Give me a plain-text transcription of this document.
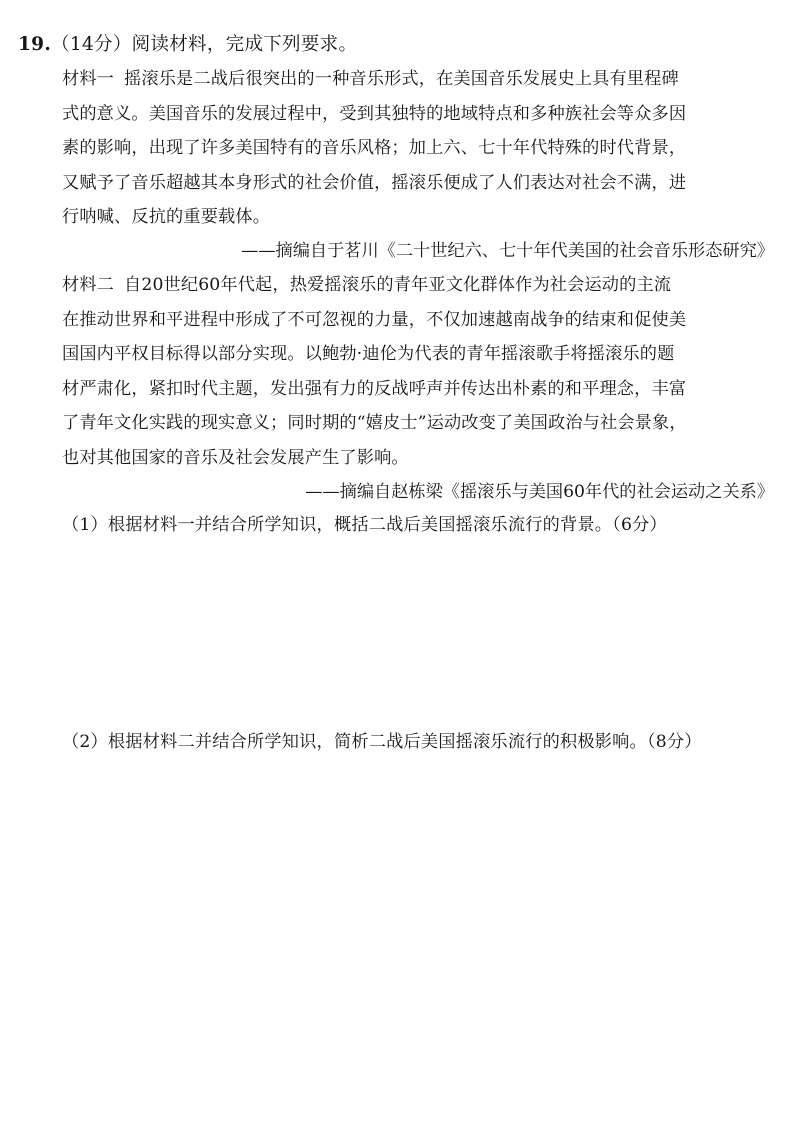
19.（14分）阅读材料，完成下列要求。
材料一 摇滚乐是二战后很突出的一种音乐形式，在美国音乐发展史上具有里程碑
式的意义。美国音乐的发展过程中，受到其独特的地域特点和多种族社会等众多因
素的影响，出现了许多美国特有的音乐风格；加上六、七十年代特殊的时代背景，
又赋予了音乐超越其本身形式的社会价值，摇滚乐便成了人们表达对社会不满，进
行呐喊、反抗的重要载体。
——摘编自于茗川《二十世纪六、七十年代美国的社会音乐形态研究》
材料二 自20世纪60年代起，热爱摇滚乐的青年亚文化群体作为社会运动的主流
在推动世界和平进程中形成了不可忽视的力量，不仅加速越南战争的结束和促使美
国国内平权目标得以部分实现。以鲍勃·迪伦为代表的青年摇滚歌手将摇滚乐的题
材严肃化，紧扣时代主题，发出强有力的反战呼声并传达出朴素的和平理念，丰富
了青年文化实践的现实意义；同时期的“嬉皮士”运动改变了美国政治与社会景象，
也对其他国家的音乐及社会发展产生了影响。
——摘编自赵栋梁《摇滚乐与美国60年代的社会运动之关系》
（1）根据材料一并结合所学知识，概括二战后美国摇滚乐流行的背景。（6分）
（2）根据材料二并结合所学知识，简析二战后美国摇滚乐流行的积极影响。（8分）
